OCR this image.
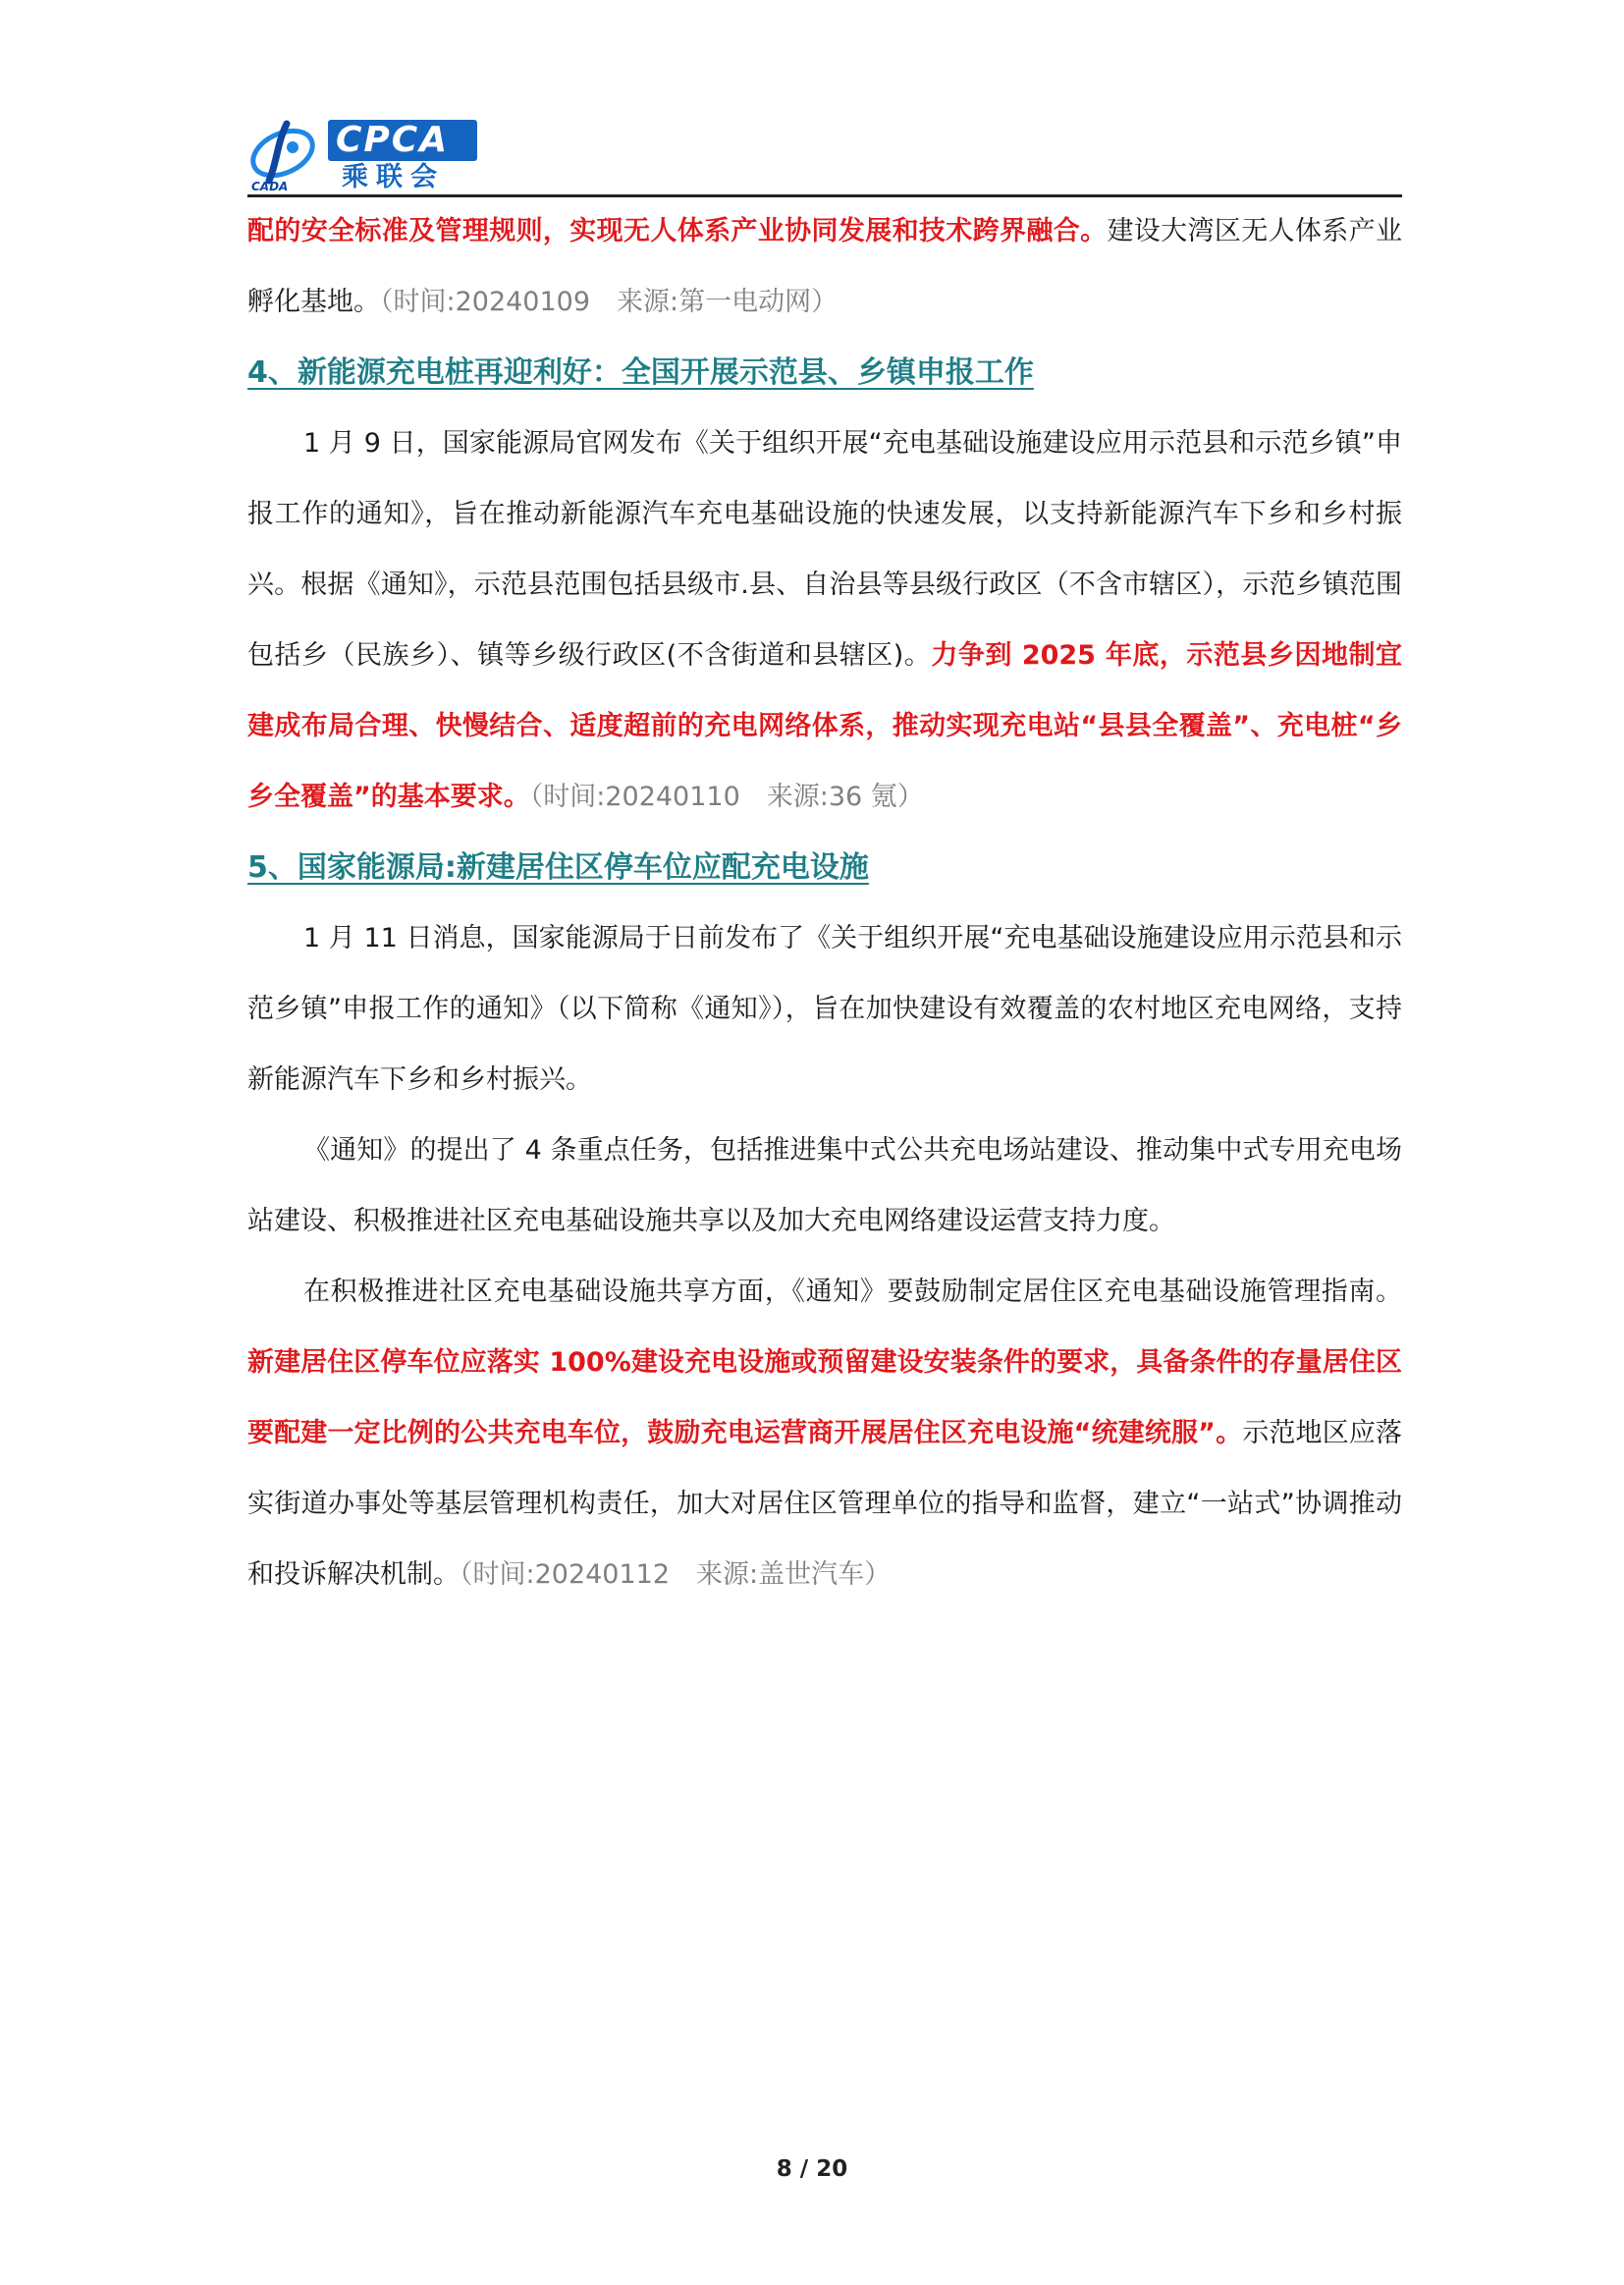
CADA
CPCA
乘联会

配的安全标准及管理规则，实现无人体系产业协同发展和技术跨界融合。建设大湾区无人体系产业孵化基地。（时间:20240109　来源:第一电动网）

4、新能源充电桩再迎利好：全国开展示范县、乡镇申报工作

1 月 9 日，国家能源局官网发布《关于组织开展“充电基础设施建设应用示范县和示范乡镇”申报工作的通知》，旨在推动新能源汽车充电基础设施的快速发展，以支持新能源汽车下乡和乡村振兴。根据《通知》，示范县范围包括县级市.县、自治县等县级行政区（不含市辖区），示范乡镇范围包括乡（民族乡）、镇等乡级行政区(不含街道和县辖区)。力争到 2025 年底，示范县乡因地制宜建成布局合理、快慢结合、适度超前的充电网络体系，推动实现充电站“县县全覆盖”、充电桩“乡乡全覆盖”的基本要求。（时间:20240110　来源:36 氪）

5、国家能源局:新建居住区停车位应配充电设施

1 月 11 日消息，国家能源局于日前发布了《关于组织开展“充电基础设施建设应用示范县和示范乡镇”申报工作的通知》（以下简称《通知》），旨在加快建设有效覆盖的农村地区充电网络，支持新能源汽车下乡和乡村振兴。

《通知》的提出了 4 条重点任务，包括推进集中式公共充电场站建设、推动集中式专用充电场站建设、积极推进社区充电基础设施共享以及加大充电网络建设运营支持力度。

在积极推进社区充电基础设施共享方面，《通知》要鼓励制定居住区充电基础设施管理指南。新建居住区停车位应落实 100%建设充电设施或预留建设安装条件的要求，具备条件的存量居住区要配建一定比例的公共充电车位，鼓励充电运营商开展居住区充电设施“统建统服”。示范地区应落实街道办事处等基层管理机构责任，加大对居住区管理单位的指导和监督，建立“一站式”协调推动和投诉解决机制。（时间:20240112　来源:盖世汽车）

8 / 20
